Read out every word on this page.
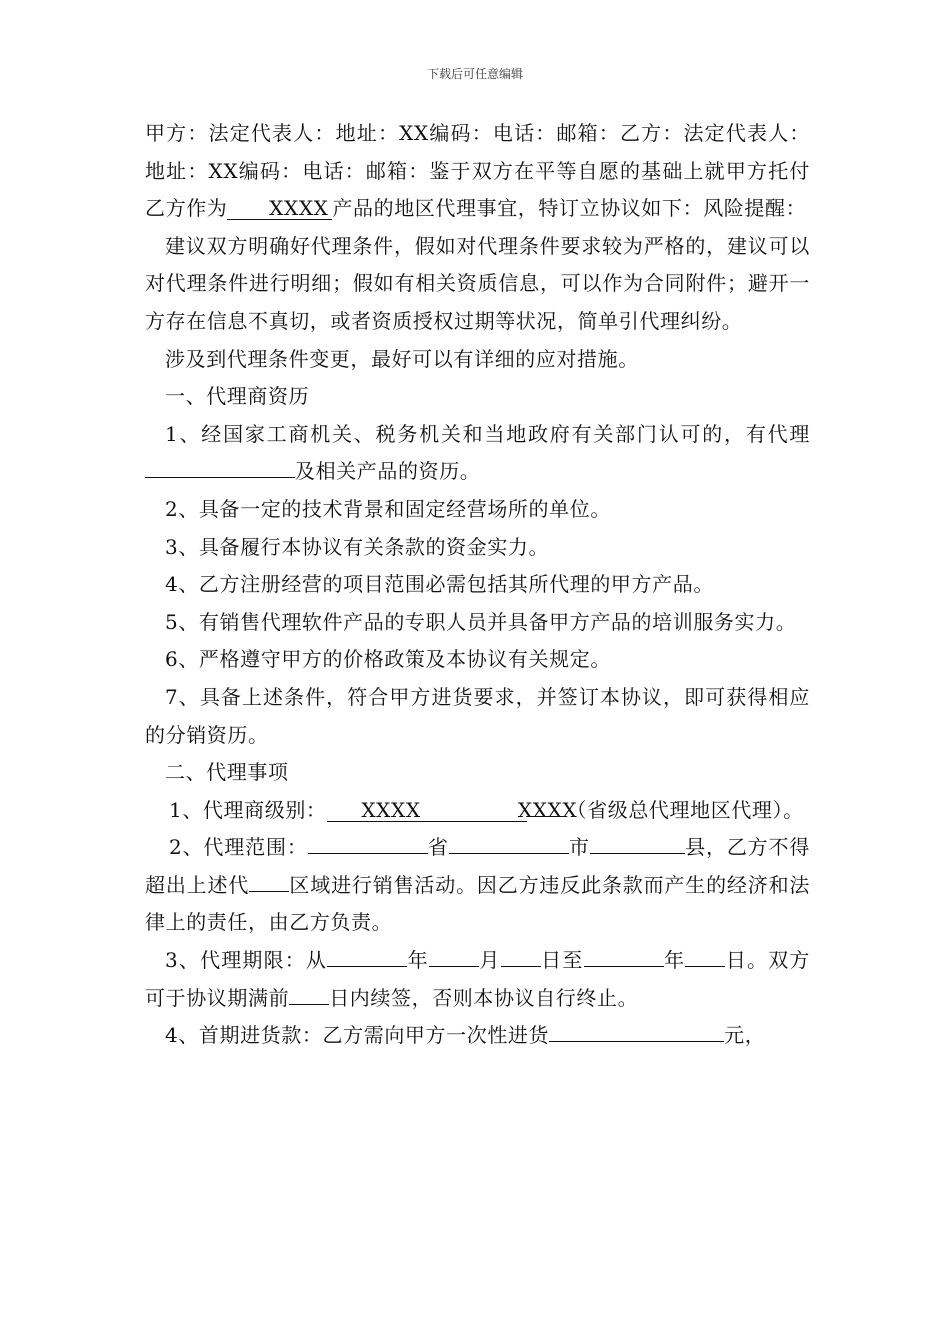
下载后可任意编辑

甲方：法定代表人：地址：XX编码：电话：邮箱：乙方：法定代表人：地址：XX编码：电话：邮箱：鉴于双方在平等自愿的基础上就甲方托付乙方作为 XXXX 产品的地区代理事宜，特订立协议如下：风险提醒：

建议双方明确好代理条件，假如对代理条件要求较为严格的，建议可以对代理条件进行明细；假如有相关资质信息，可以作为合同附件；避开一方存在信息不真切，或者资质授权过期等状况，简单引代理纠纷。

涉及到代理条件变更，最好可以有详细的应对措施。

一、代理商资历

1、经国家工商机关、税务机关和当地政府有关部门认可的，有代理及相关产品的资历。

2、具备一定的技术背景和固定经营场所的单位。

3、具备履行本协议有关条款的资金实力。

4、乙方注册经营的项目范围必需包括其所代理的甲方产品。

5、有销售代理软件产品的专职人员并具备甲方产品的培训服务实力。

6、严格遵守甲方的价格政策及本协议有关规定。

7、具备上述条件，符合甲方进货要求，并签订本协议，即可获得相应的分销资历。

二、代理事项

1、代理商级别： XXXX	XXXX（省级总代理地区代理）。

2、代理范围：	省	市	县，乙方不得超出上述代 区域进行销售活动。因乙方违反此条款而产生的经济和法律上的责任，由乙方负责。

3、代理期限：从	年	月 日至	年 日。双方可于协议期满前 日内续签，否则本协议自行终止。

4、首期进货款：乙方需向甲方一次性进货	元，
